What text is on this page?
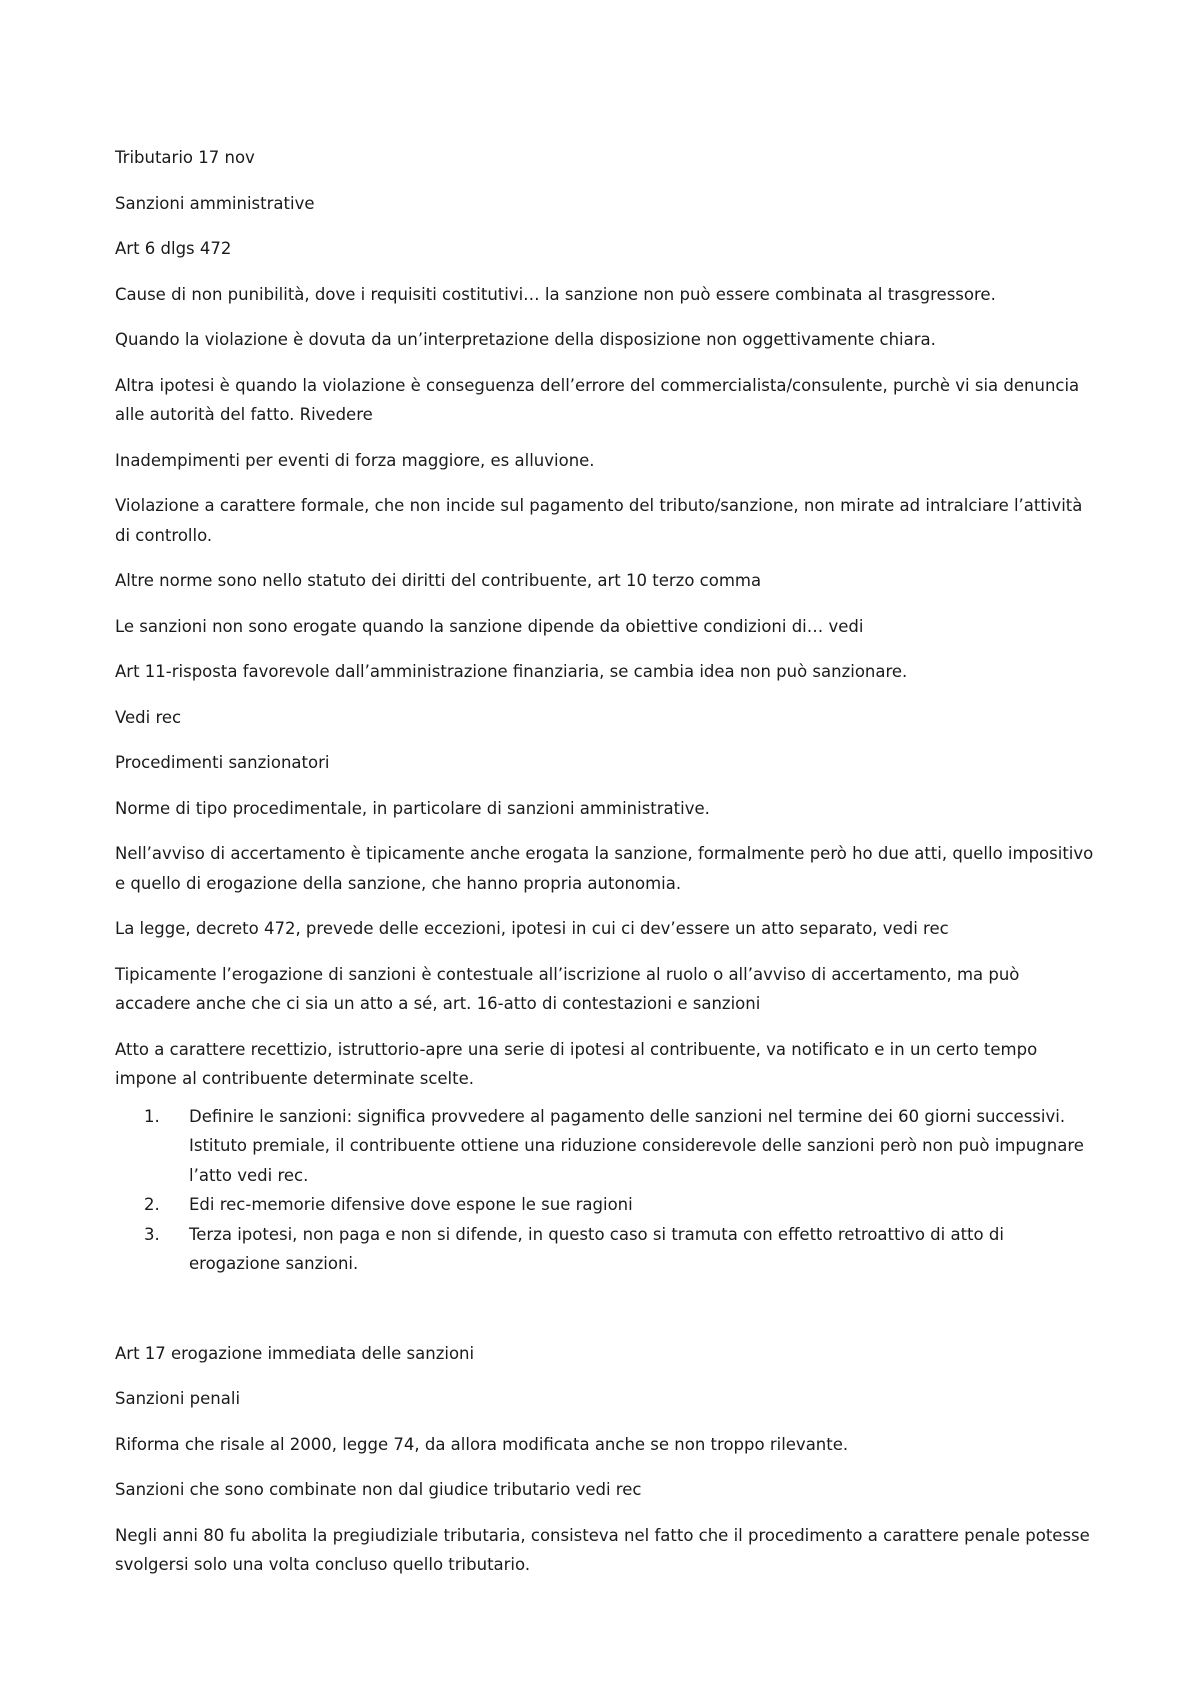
Tributario 17 nov

Sanzioni amministrative

Art 6 dlgs 472

Cause di non punibilità, dove i requisiti costitutivi… la sanzione non può essere combinata al trasgressore.

Quando la violazione è dovuta da un’interpretazione della disposizione non oggettivamente chiara.

Altra ipotesi è quando la violazione è conseguenza dell’errore del commercialista/consulente, purchè vi sia denuncia alle autorità del fatto. Rivedere

Inadempimenti per eventi di forza maggiore, es alluvione.

Violazione a carattere formale, che non incide sul pagamento del tributo/sanzione, non mirate ad intralciare l’attività di controllo.

Altre norme sono nello statuto dei diritti del contribuente, art 10 terzo comma

Le sanzioni non sono erogate quando la sanzione dipende da obiettive condizioni di… vedi

Art 11-risposta favorevole dall’amministrazione finanziaria, se cambia idea non può sanzionare.

Vedi rec

Procedimenti sanzionatori

Norme di tipo procedimentale, in particolare di sanzioni amministrative.

Nell’avviso di accertamento è tipicamente anche erogata la sanzione, formalmente però ho due atti, quello impositivo e quello di erogazione della sanzione, che hanno propria autonomia.

La legge, decreto 472, prevede delle eccezioni, ipotesi in cui ci dev’essere un atto separato, vedi rec

Tipicamente l’erogazione di sanzioni è contestuale all’iscrizione al ruolo o all’avviso di accertamento, ma può accadere anche che ci sia un atto a sé, art. 16-atto di contestazioni e sanzioni

Atto a carattere recettizio, istruttorio-apre una serie di ipotesi al contribuente, va notificato e in un certo tempo impone al contribuente determinate scelte.

1. Definire le sanzioni: significa provvedere al pagamento delle sanzioni nel termine dei 60 giorni successivi. Istituto premiale, il contribuente ottiene una riduzione considerevole delle sanzioni però non può impugnare l’atto vedi rec.
2. Edi rec-memorie difensive dove espone le sue ragioni
3. Terza ipotesi, non paga e non si difende, in questo caso si tramuta con effetto retroattivo di atto di erogazione sanzioni.

Art 17 erogazione immediata delle sanzioni

Sanzioni penali

Riforma che risale al 2000, legge 74, da allora modificata anche se non troppo rilevante.

Sanzioni che sono combinate non dal giudice tributario vedi rec

Negli anni 80 fu abolita la pregiudiziale tributaria, consisteva nel fatto che il procedimento a carattere penale potesse svolgersi solo una volta concluso quello tributario.
